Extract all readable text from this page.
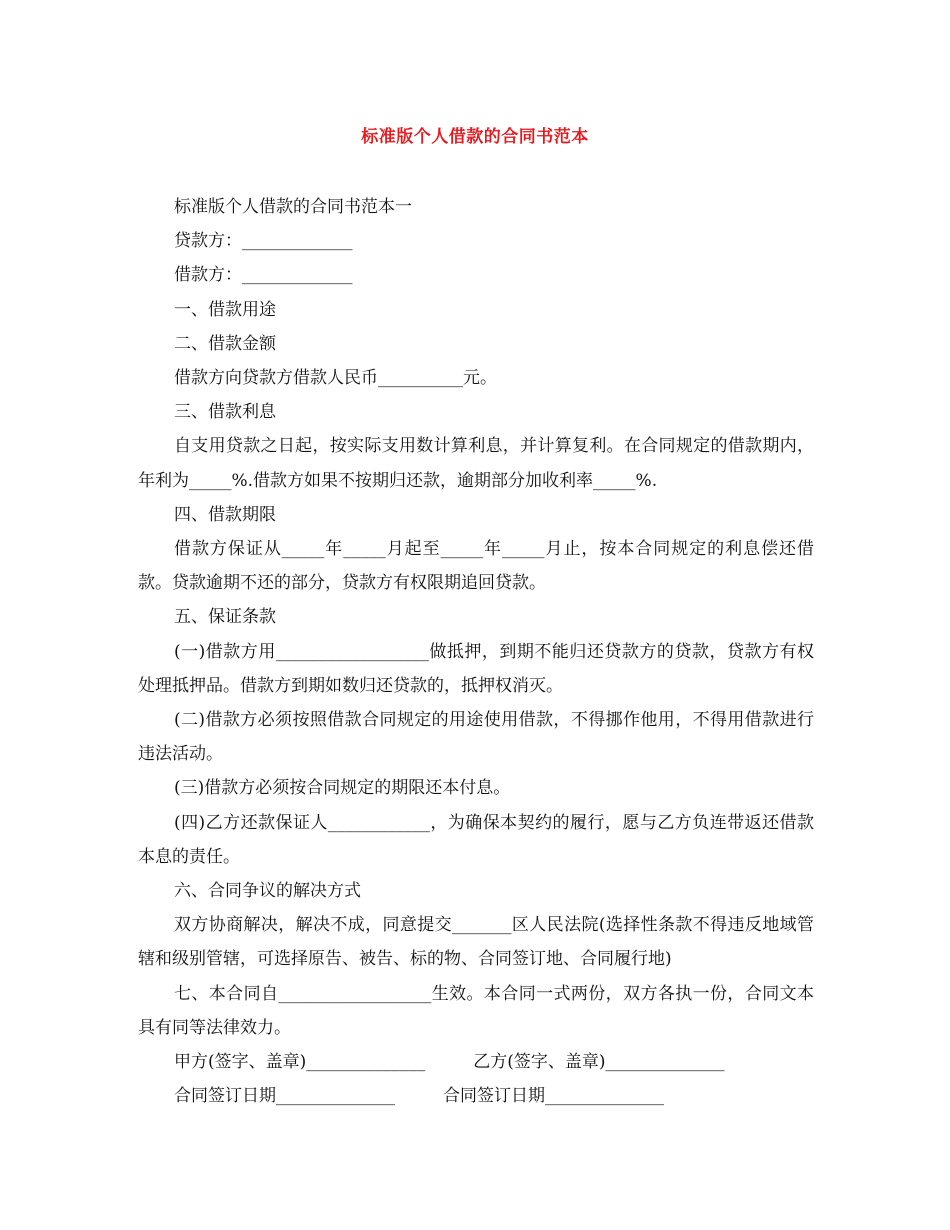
标准版个人借款的合同书范本

标准版个人借款的合同书范本一

贷款方：_____________

借款方：_____________

一、借款用途

二、借款金额

借款方向贷款方借款人民币__________元。

三、借款利息

自支用贷款之日起，按实际支用数计算利息，并计算复利。在合同规定的借款期内，年利为_____%.借款方如果不按期归还款，逾期部分加收利率_____%.

四、借款期限

借款方保证从_____年_____月起至_____年_____月止，按本合同规定的利息偿还借款。贷款逾期不还的部分，贷款方有权限期追回贷款。

五、保证条款

(一)借款方用__________________做抵押，到期不能归还贷款方的贷款，贷款方有权处理抵押品。借款方到期如数归还贷款的，抵押权消灭。

(二)借款方必须按照借款合同规定的用途使用借款，不得挪作他用，不得用借款进行违法活动。

(三)借款方必须按合同规定的期限还本付息。

(四)乙方还款保证人____________，为确保本契约的履行，愿与乙方负连带返还借款本息的责任。

六、合同争议的解决方式

双方协商解决，解决不成，同意提交_______区人民法院(选择性条款不得违反地域管辖和级别管辖，可选择原告、被告、标的物、合同签订地、合同履行地)

七、本合同自__________________生效。本合同一式两份，双方各执一份，合同文本具有同等法律效力。

甲方(签字、盖章)______________	乙方(签字、盖章)______________

合同签订日期______________	合同签订日期______________
